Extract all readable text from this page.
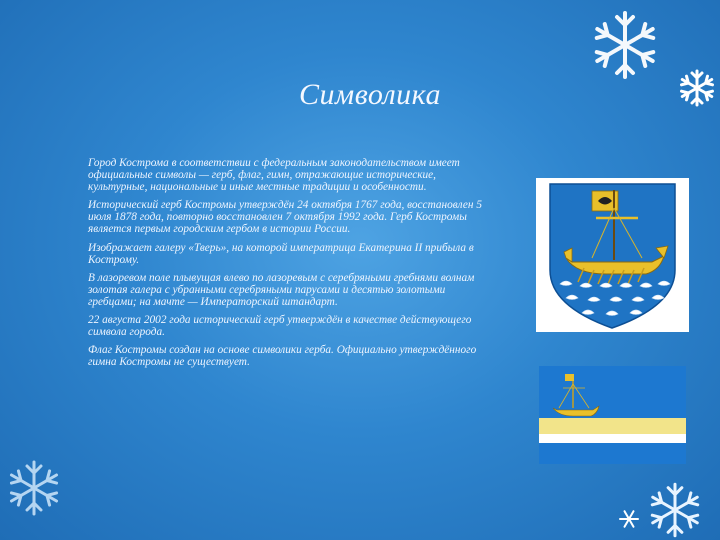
Символика

Город Кострома в соответствии с федеральным законодательством имеет официальные символы — герб, флаг, гимн, отражающие исторические, культурные, национальные и иные местные традиции и особенности.

Исторический герб Костромы утверждён 24 октября 1767 года, восстановлен 5 июля 1878 года, повторно восстановлен 7 октября 1992 года. Герб Костромы является первым городским гербом в истории России.

Изображает галеру «Тверь», на которой императрица Екатерина II прибыла в Кострому.

В лазоревом поле плывущая влево по лазоревым с серебряными гребнями волнам золотая галера с убранными серебряными парусами и десятью золотыми гребцами; на мачте — Императорский штандарт.

22 августа 2002 года исторический герб утверждён в качестве действующего символа города.

Флаг Костромы создан на основе символики герба. Официально утверждённого гимна Костромы не существует.
